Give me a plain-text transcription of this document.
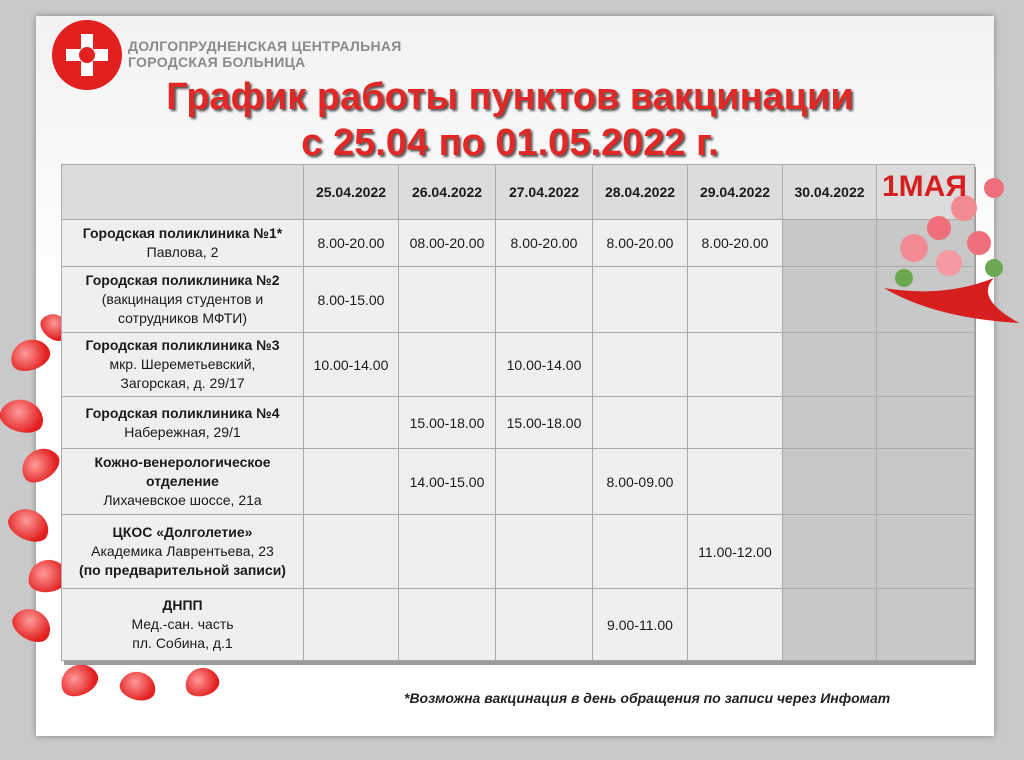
ДОЛГОПРУДНЕНСКАЯ ЦЕНТРАЛЬНАЯ
ГОРОДСКАЯ БОЛЬНИЦА
График работы пунктов вакцинации
с 25.04 по 01.05.2022 г.
	25.04.2022	26.04.2022	27.04.2022	28.04.2022	29.04.2022	30.04.2022	

Городская поликлиника №1*
Павлова, 2	8.00-20.00	08.00-20.00	8.00-20.00	8.00-20.00	8.00-20.00		

Городская поликлиника №2
(вакцинация студентов и
сотрудников МФТИ)	8.00-15.00						

Городская поликлиника №3
мкр. Шереметьевский,
Загорская, д. 29/17	10.00-14.00		10.00-14.00				

Городская поликлиника №4
Набережная, 29/1		15.00-18.00	15.00-18.00				

Кожно-венерологическое
отделение
Лихачевское шоссе, 21а		14.00-15.00		8.00-09.00			

ЦКОС «Долголетие»
Академика Лаврентьева, 23
(по предварительной записи)					11.00-12.00		

ДНПП
Мед.-сан. часть
пл. Собина, д.1				9.00-11.00			
1МАЯ
*Возможна вакцинация в день обращения по записи через Инфомат
